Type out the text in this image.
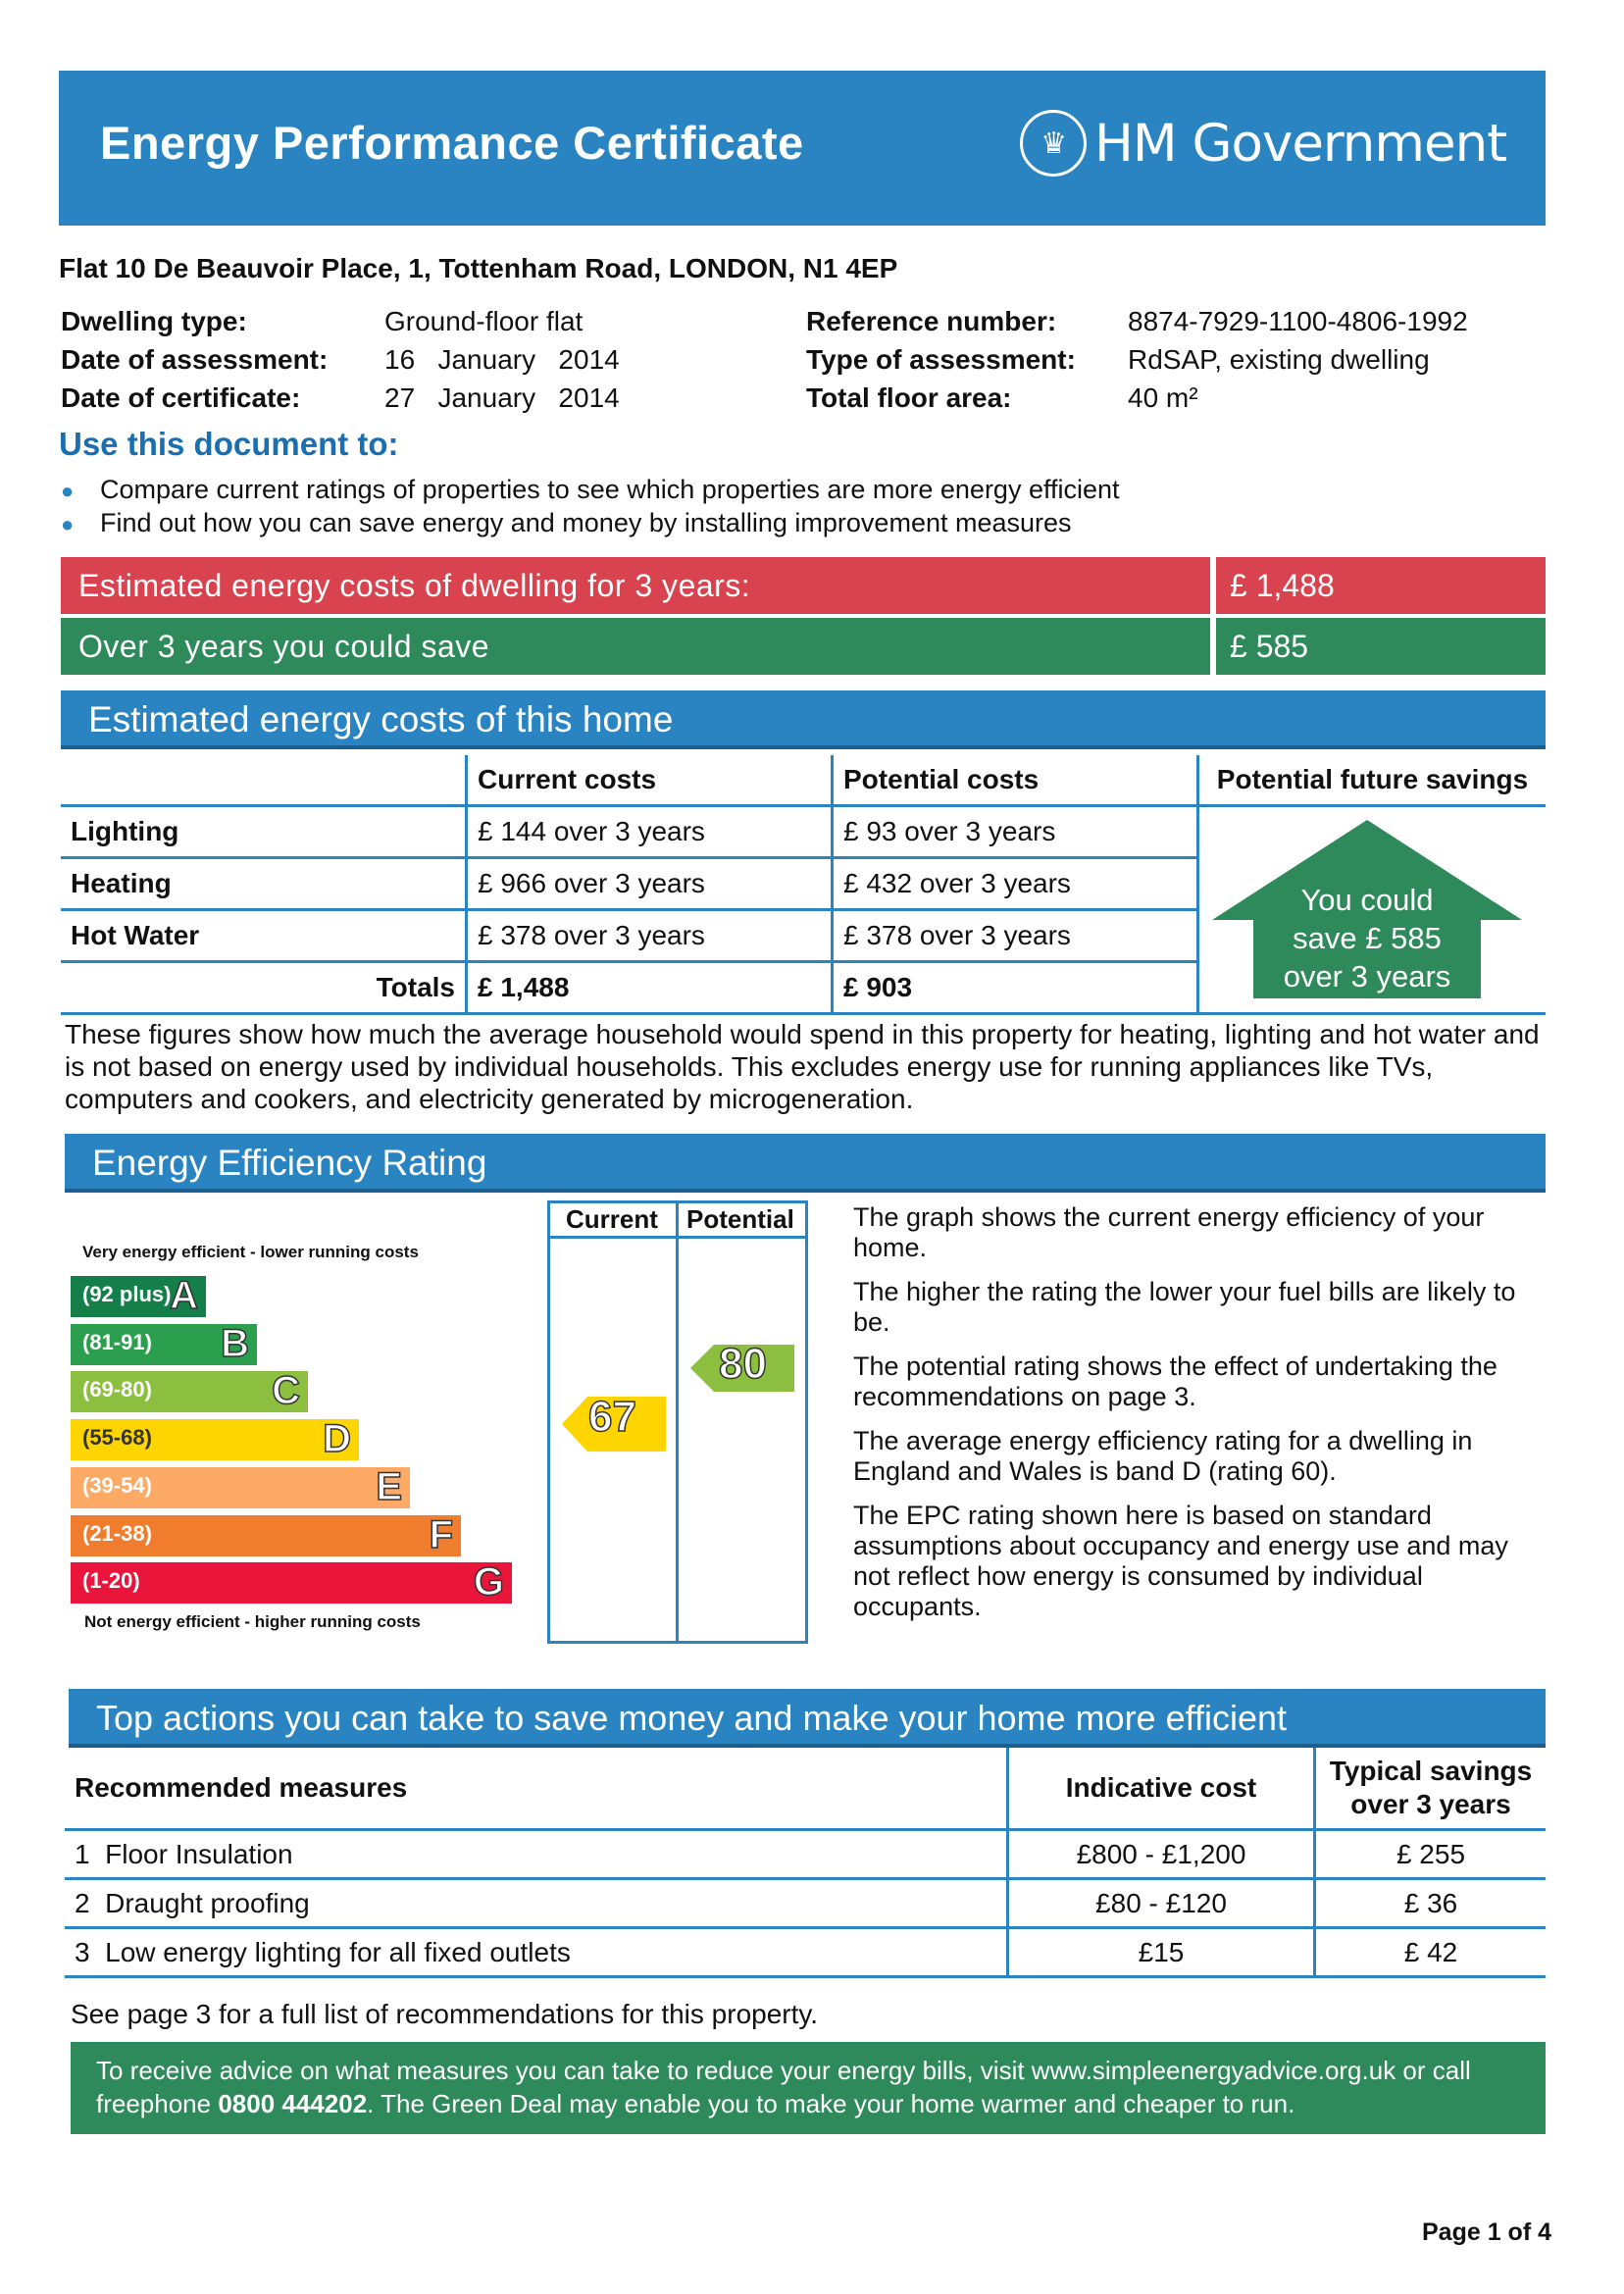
Energy Performance Certificate	♛ HM Government
Flat 10 De Beauvoir Place, 1, Tottenham Road, LONDON, N1 4EP
Dwelling type:	Ground-floor flat
Date of assessment: 16   January   2014
Date of certificate:	27   January   2014
Reference number:	8874-7929-1100-4806-1992
Type of assessment: RdSAP, existing dwelling
Total floor area:	40 m²
Use this document to:
● Compare current ratings of properties to see which properties are more energy efficient
● Find out how you can save energy and money by installing improvement measures
Estimated energy costs of dwelling for 3 years:	£ 1,488
Over 3 years you could save	£ 585
Estimated energy costs of this home
	Current costs	Potential costs	Potential future savings
Lighting	£ 144 over 3 years	£ 93 over 3 years	
Heating	£ 966 over 3 years	£ 432 over 3 years	
Hot Water	£ 378 over 3 years	£ 378 over 3 years	
Totals	£ 1,488	£ 903	
You could
save £ 585
over 3 years
These figures show how much the average household would spend in this property for heating, lighting and hot water and is not based on energy used by individual households. This excludes energy use for running appliances like TVs, computers and cookers, and electricity generated by microgeneration.
Energy Efficiency Rating
Current Potential
Very energy efficient - lower running costs
Not energy efficient - higher running costs
(92 plus)
A
(81-91) B
(69-80)	C
(55-68)	D
(39-54)	E
(21-38)	F
(1-20)	G
67
80

The graph shows the current energy efficiency of your home.

The higher the rating the lower your fuel bills are likely to be.

The potential rating shows the effect of undertaking the recommendations on page 3.

The average energy efficiency rating for a dwelling in England and Wales is band D (rating 60).

The EPC rating shown here is based on standard assumptions about occupancy and energy use and may not reflect how energy is consumed by individual occupants.

Top actions you can take to save money and make your home more efficient
Recommended measures	Indicative cost	Typical savings
over 3 years

1 Floor Insulation	£800 - £1,200	£ 255
2 Draught proofing	£80 - £120	£ 36
3 Low energy lighting for all fixed outlets	£15	£ 42
See page 3 for a full list of recommendations for this property.
To receive advice on what measures you can take to reduce your energy bills, visit www.simpleenergyadvice.org.uk or call freephone 0800 444202. The Green Deal may enable you to make your home warmer and cheaper to run.
Page 1 of 4
